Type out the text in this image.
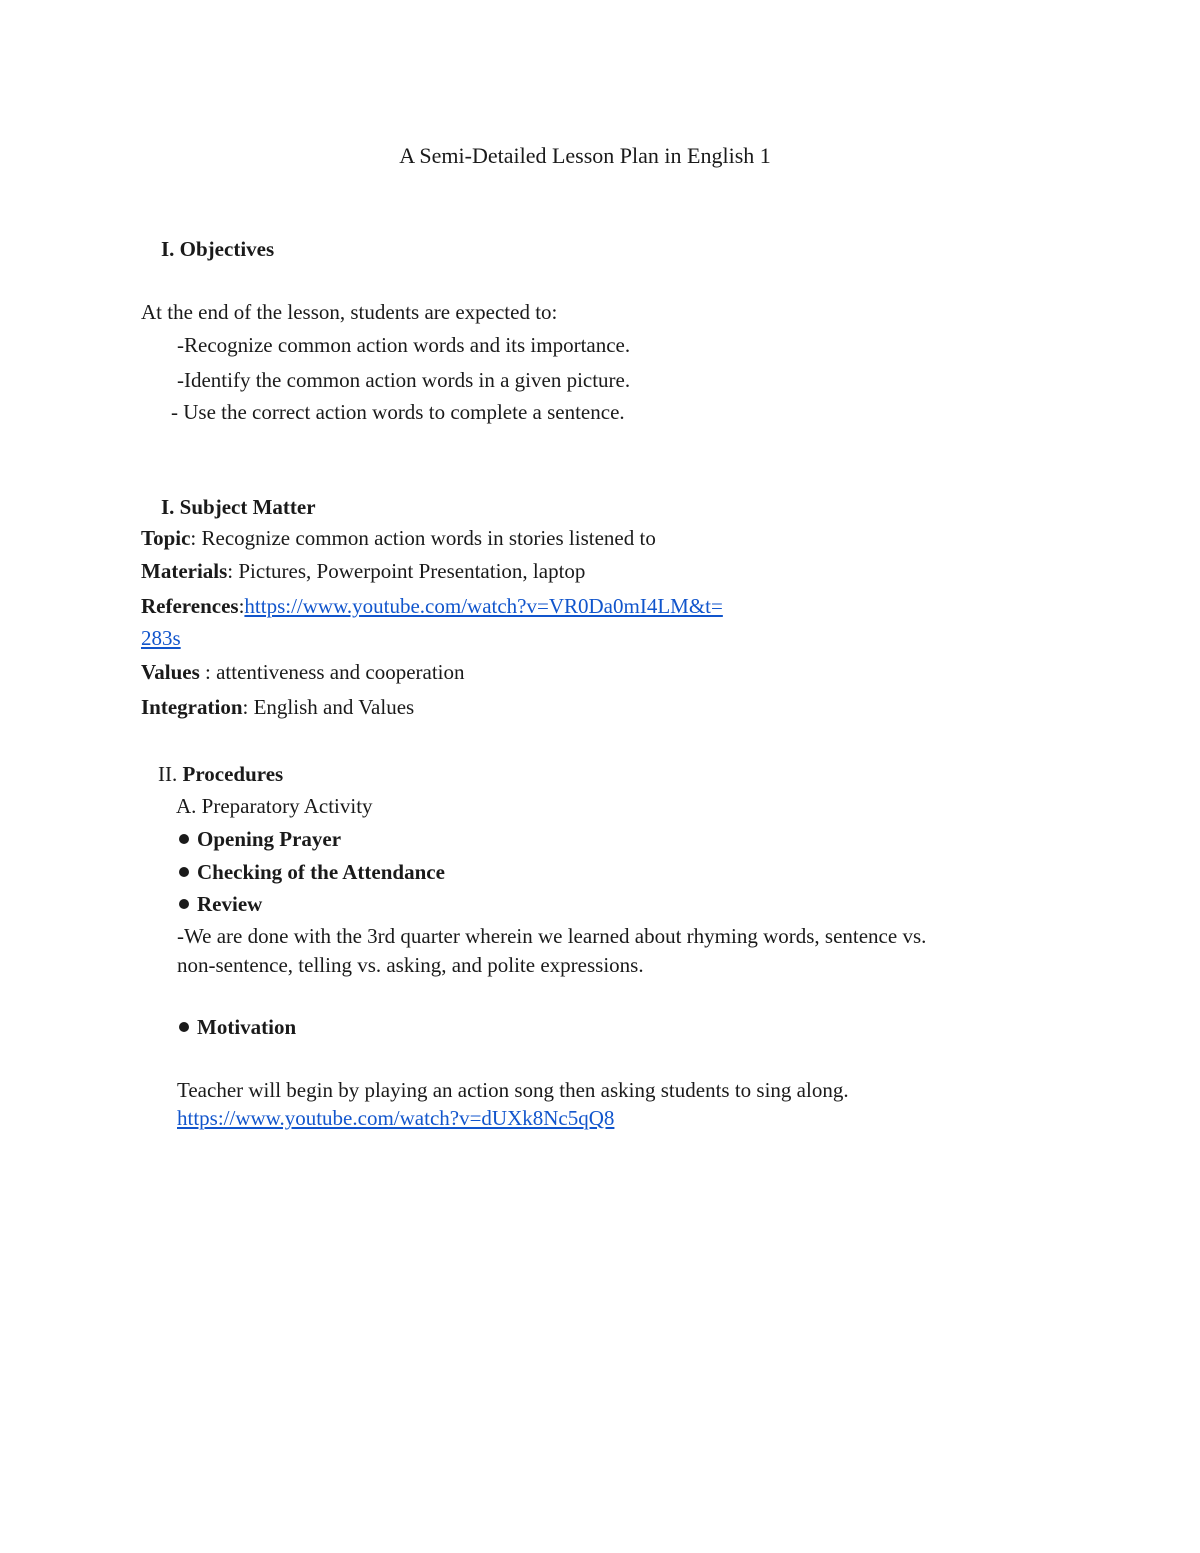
A Semi-Detailed Lesson Plan in English 1
I. Objectives
At the end of the lesson, students are expected to:
-Recognize common action words and its importance.
-Identify the common action words in a given picture.
- Use the correct action words to complete a sentence.
I. Subject Matter
Topic: Recognize common action words in stories listened to
Materials: Pictures, Powerpoint Presentation, laptop
References:https://www.youtube.com/watch?v=VR0Da0mI4LM&t=
283s
Values : attentiveness and cooperation
Integration: English and Values
II. Procedures
A. Preparatory Activity
Opening Prayer
Checking of the Attendance
Review
-We are done with the 3rd quarter wherein we learned about rhyming words, sentence vs.
non-sentence, telling vs. asking, and polite expressions.
Motivation
Teacher will begin by playing an action song then asking students to sing along.
https://www.youtube.com/watch?v=dUXk8Nc5qQ8
